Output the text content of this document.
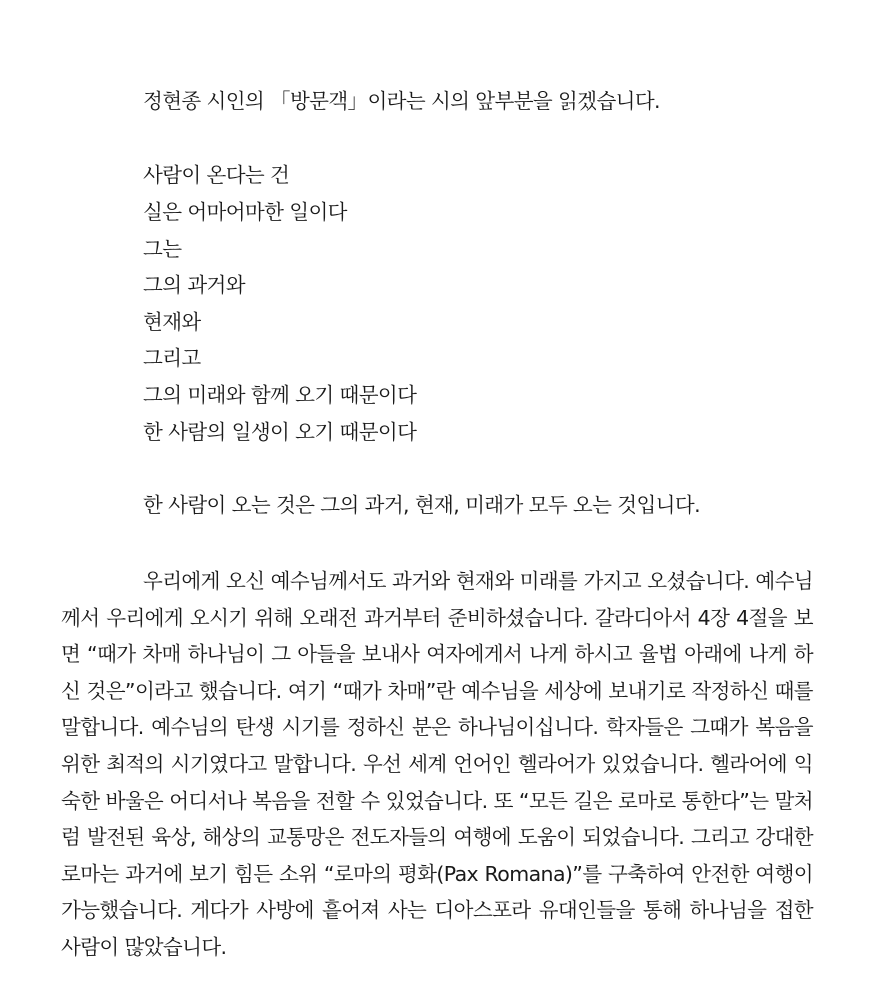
정현종 시인의 「방문객」이라는 시의 앞부분을 읽겠습니다.
사람이 온다는 건
실은 어마어마한 일이다
그는
그의 과거와
현재와
그리고
그의 미래와 함께 오기 때문이다
한 사람의 일생이 오기 때문이다
한 사람이 오는 것은 그의 과거, 현재, 미래가 모두 오는 것입니다.

우리에게 오신 예수님께서도 과거와 현재와 미래를 가지고 오셨습니다. 예수님께서 우리에게 오시기 위해 오래전 과거부터 준비하셨습니다. 갈라디아서 4장 4절을 보면 “때가 차매 하나님이 그 아들을 보내사 여자에게서 나게 하시고 율법 아래에 나게 하신 것은”이라고 했습니다. 여기 “때가 차매”란 예수님을 세상에 보내기로 작정하신 때를 말합니다. 예수님의 탄생 시기를 정하신 분은 하나님이십니다. 학자들은 그때가 복음을 위한 최적의 시기였다고 말합니다. 우선 세계 언어인 헬라어가 있었습니다. 헬라어에 익숙한 바울은 어디서나 복음을 전할 수 있었습니다. 또 “모든 길은 로마로 통한다”는 말처럼 발전된 육상, 해상의 교통망은 전도자들의 여행에 도움이 되었습니다. 그리고 강대한 로마는 과거에 보기 힘든 소위 “로마의 평화(Pax Romana)”를 구축하여 안전한 여행이 가능했습니다. 게다가 사방에 흩어져 사는 디아스포라 유대인들을 통해 하나님을 접한 사람이 많았습니다.
